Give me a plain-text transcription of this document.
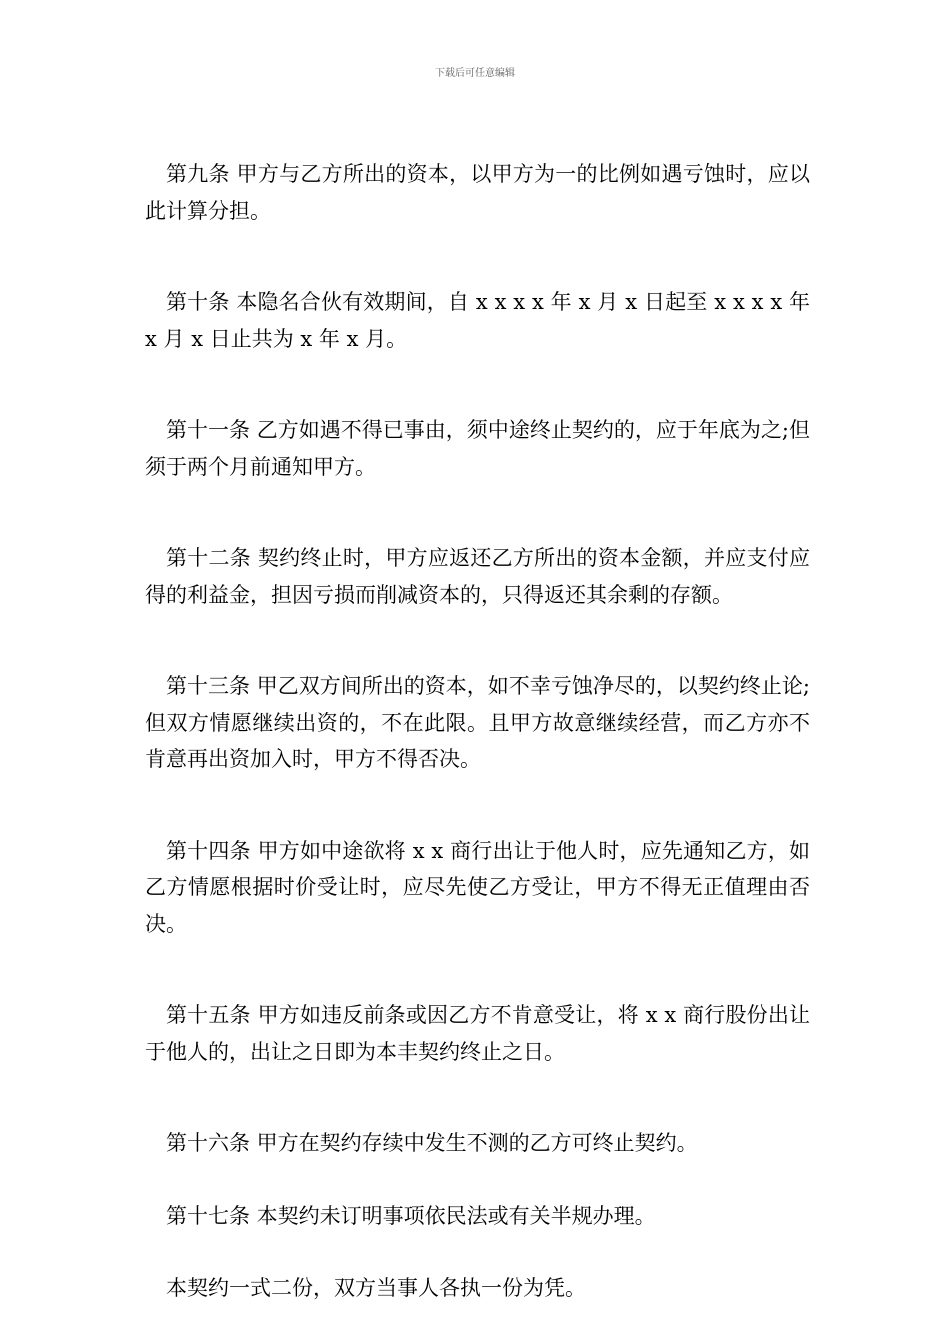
下载后可任意编辑

第九条 甲方与乙方所出的资本，以甲方为一的比例如遇亏蚀时，应以此计算分担。

第十条 本隐名合伙有效期间，自 x x x x 年 x 月 x 日起至 x x x x 年 x 月 x 日止共为 x 年 x 月。

第十一条 乙方如遇不得已事由，须中途终止契约的，应于年底为之;但须于两个月前通知甲方。

第十二条 契约终止时，甲方应返还乙方所出的资本金额，并应支付应得的利益金，担因亏损而削减资本的，只得返还其余剩的存额。

第十三条 甲乙双方间所出的资本，如不幸亏蚀净尽的，以契约终止论;但双方情愿继续出资的，不在此限。且甲方故意继续经营，而乙方亦不肯意再出资加入时，甲方不得否决。

第十四条 甲方如中途欲将 x x 商行出让于他人时，应先通知乙方，如乙方情愿根据时价受让时，应尽先使乙方受让，甲方不得无正值理由否决。

第十五条 甲方如违反前条或因乙方不肯意受让，将 x x 商行股份出让于他人的，出让之日即为本丰契约终止之日。

第十六条 甲方在契约存续中发生不测的乙方可终止契约。

第十七条 本契约未订明事项依民法或有关半规办理。

本契约一式二份，双方当事人各执一份为凭。
